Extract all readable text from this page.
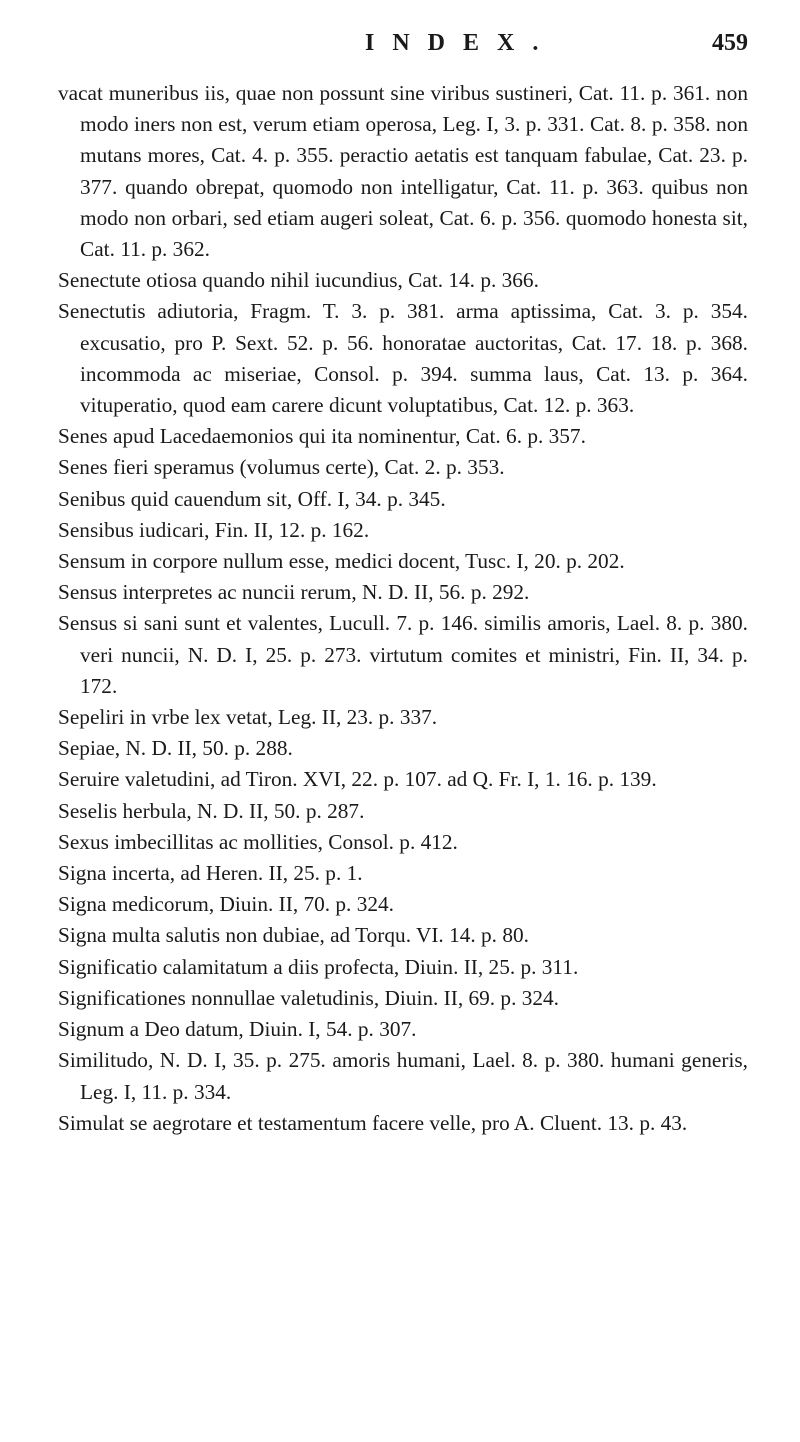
INDEX.	459

vacat muneribus iis, quae non possunt sine viribus sustineri, Cat. 11. p. 361. non modo iners non est, verum etiam operosa, Leg. I, 3. p. 331. Cat. 8. p. 358. non mutans mores, Cat. 4. p. 355. peractio aetatis est tanquam fabulae, Cat. 23. p. 377. quando obrepat, quomodo non intelligatur, Cat. 11. p. 363. quibus non modo non orbari, sed etiam augeri soleat, Cat. 6. p. 356. quomodo honesta sit, Cat. 11. p. 362.

Senectute otiosa quando nihil iucundius, Cat. 14. p. 366.

Senectutis adiutoria, Fragm. T. 3. p. 381. arma aptissima, Cat. 3. p. 354. excusatio, pro P. Sext. 52. p. 56. honoratae auctoritas, Cat. 17. 18. p. 368. incommoda ac miseriae, Consol. p. 394. summa laus, Cat. 13. p. 364. vituperatio, quod eam carere dicunt voluptatibus, Cat. 12. p. 363.

Senes apud Lacedaemonios qui ita nominentur, Cat. 6. p. 357.

Senes fieri speramus (volumus certe), Cat. 2. p. 353.

Senibus quid cauendum sit, Off. I, 34. p. 345.

Sensibus iudicari, Fin. II, 12. p. 162.

Sensum in corpore nullum esse, medici docent, Tusc. I, 20. p. 202.

Sensus interpretes ac nuncii rerum, N. D. II, 56. p. 292.

Sensus si sani sunt et valentes, Lucull. 7. p. 146. similis amoris, Lael. 8. p. 380. veri nuncii, N. D. I, 25. p. 273. virtutum comites et ministri, Fin. II, 34. p. 172.

Sepeliri in vrbe lex vetat, Leg. II, 23. p. 337.

Sepiae, N. D. II, 50. p. 288.

Seruire valetudini, ad Tiron. XVI, 22. p. 107. ad Q. Fr. I, 1. 16. p. 139.

Seselis herbula, N. D. II, 50. p. 287.

Sexus imbecillitas ac mollities, Consol. p. 412.

Signa incerta, ad Heren. II, 25. p. 1.

Signa medicorum, Diuin. II, 70. p. 324.

Signa multa salutis non dubiae, ad Torqu. VI. 14. p. 80.

Significatio calamitatum a diis profecta, Diuin. II, 25. p. 311.

Significationes nonnullae valetudinis, Diuin. II, 69. p. 324.

Signum a Deo datum, Diuin. I, 54. p. 307.

Similitudo, N. D. I, 35. p. 275. amoris humani, Lael. 8. p. 380. humani generis, Leg. I, 11. p. 334.

Simulat se aegrotare et testamentum facere velle, pro A. Cluent. 13. p. 43.
